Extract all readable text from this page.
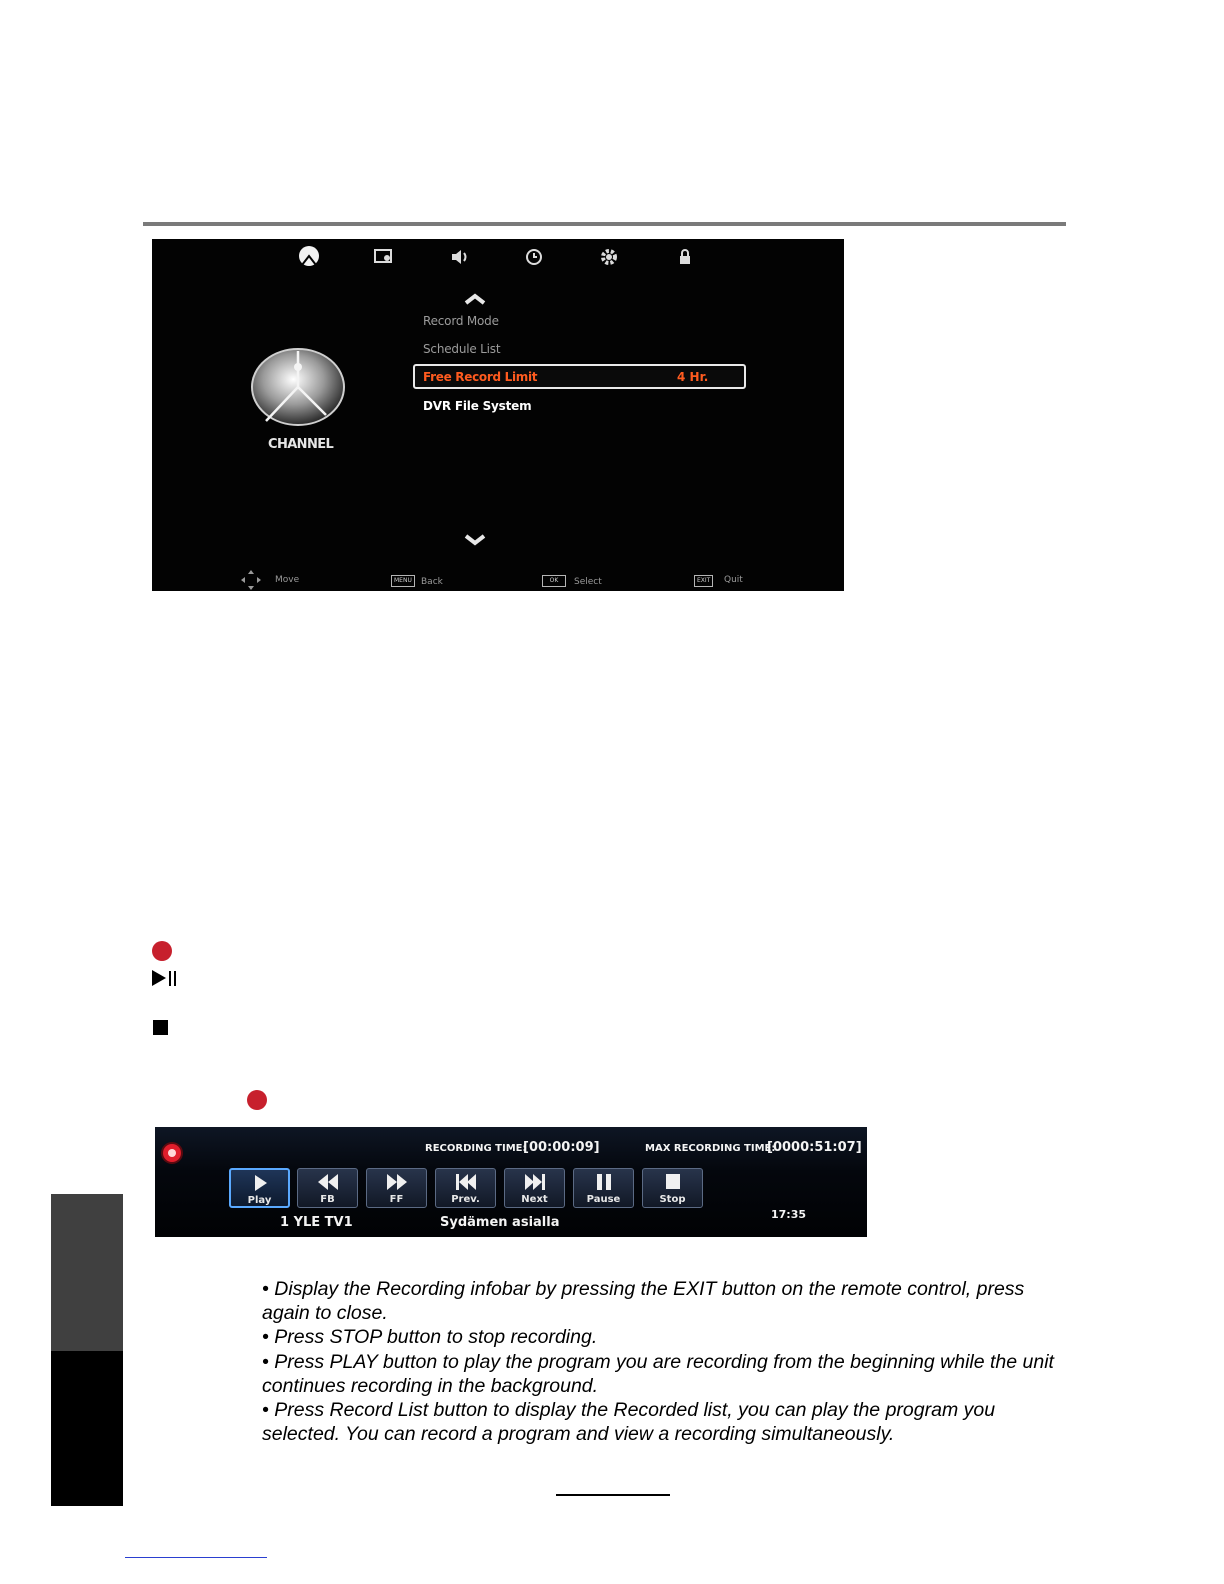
Record Mode
Schedule List
Free Record Limit	4 Hr.
DVR File System
CHANNEL
Move	MENU	Back	OK	Select	EXIT	Quit
RECORDING TIME:
[00:00:09]	MAX RECORDING TIME:
[0000:51:07]
Play	FB	FF	Prev.	Next	Pause	Stop
17:35
1 YLE TV1	Sydämen asialla
• Display the Recording infobar by pressing the EXIT button on the remote control, press again to close.
• Press STOP button to stop recording.
• Press PLAY button to play the program you are recording from the beginning while the unit continues recording in the background.
• Press Record List button to display the Recorded list, you can play the program you selected. You can record a program and view a recording simultaneously.
